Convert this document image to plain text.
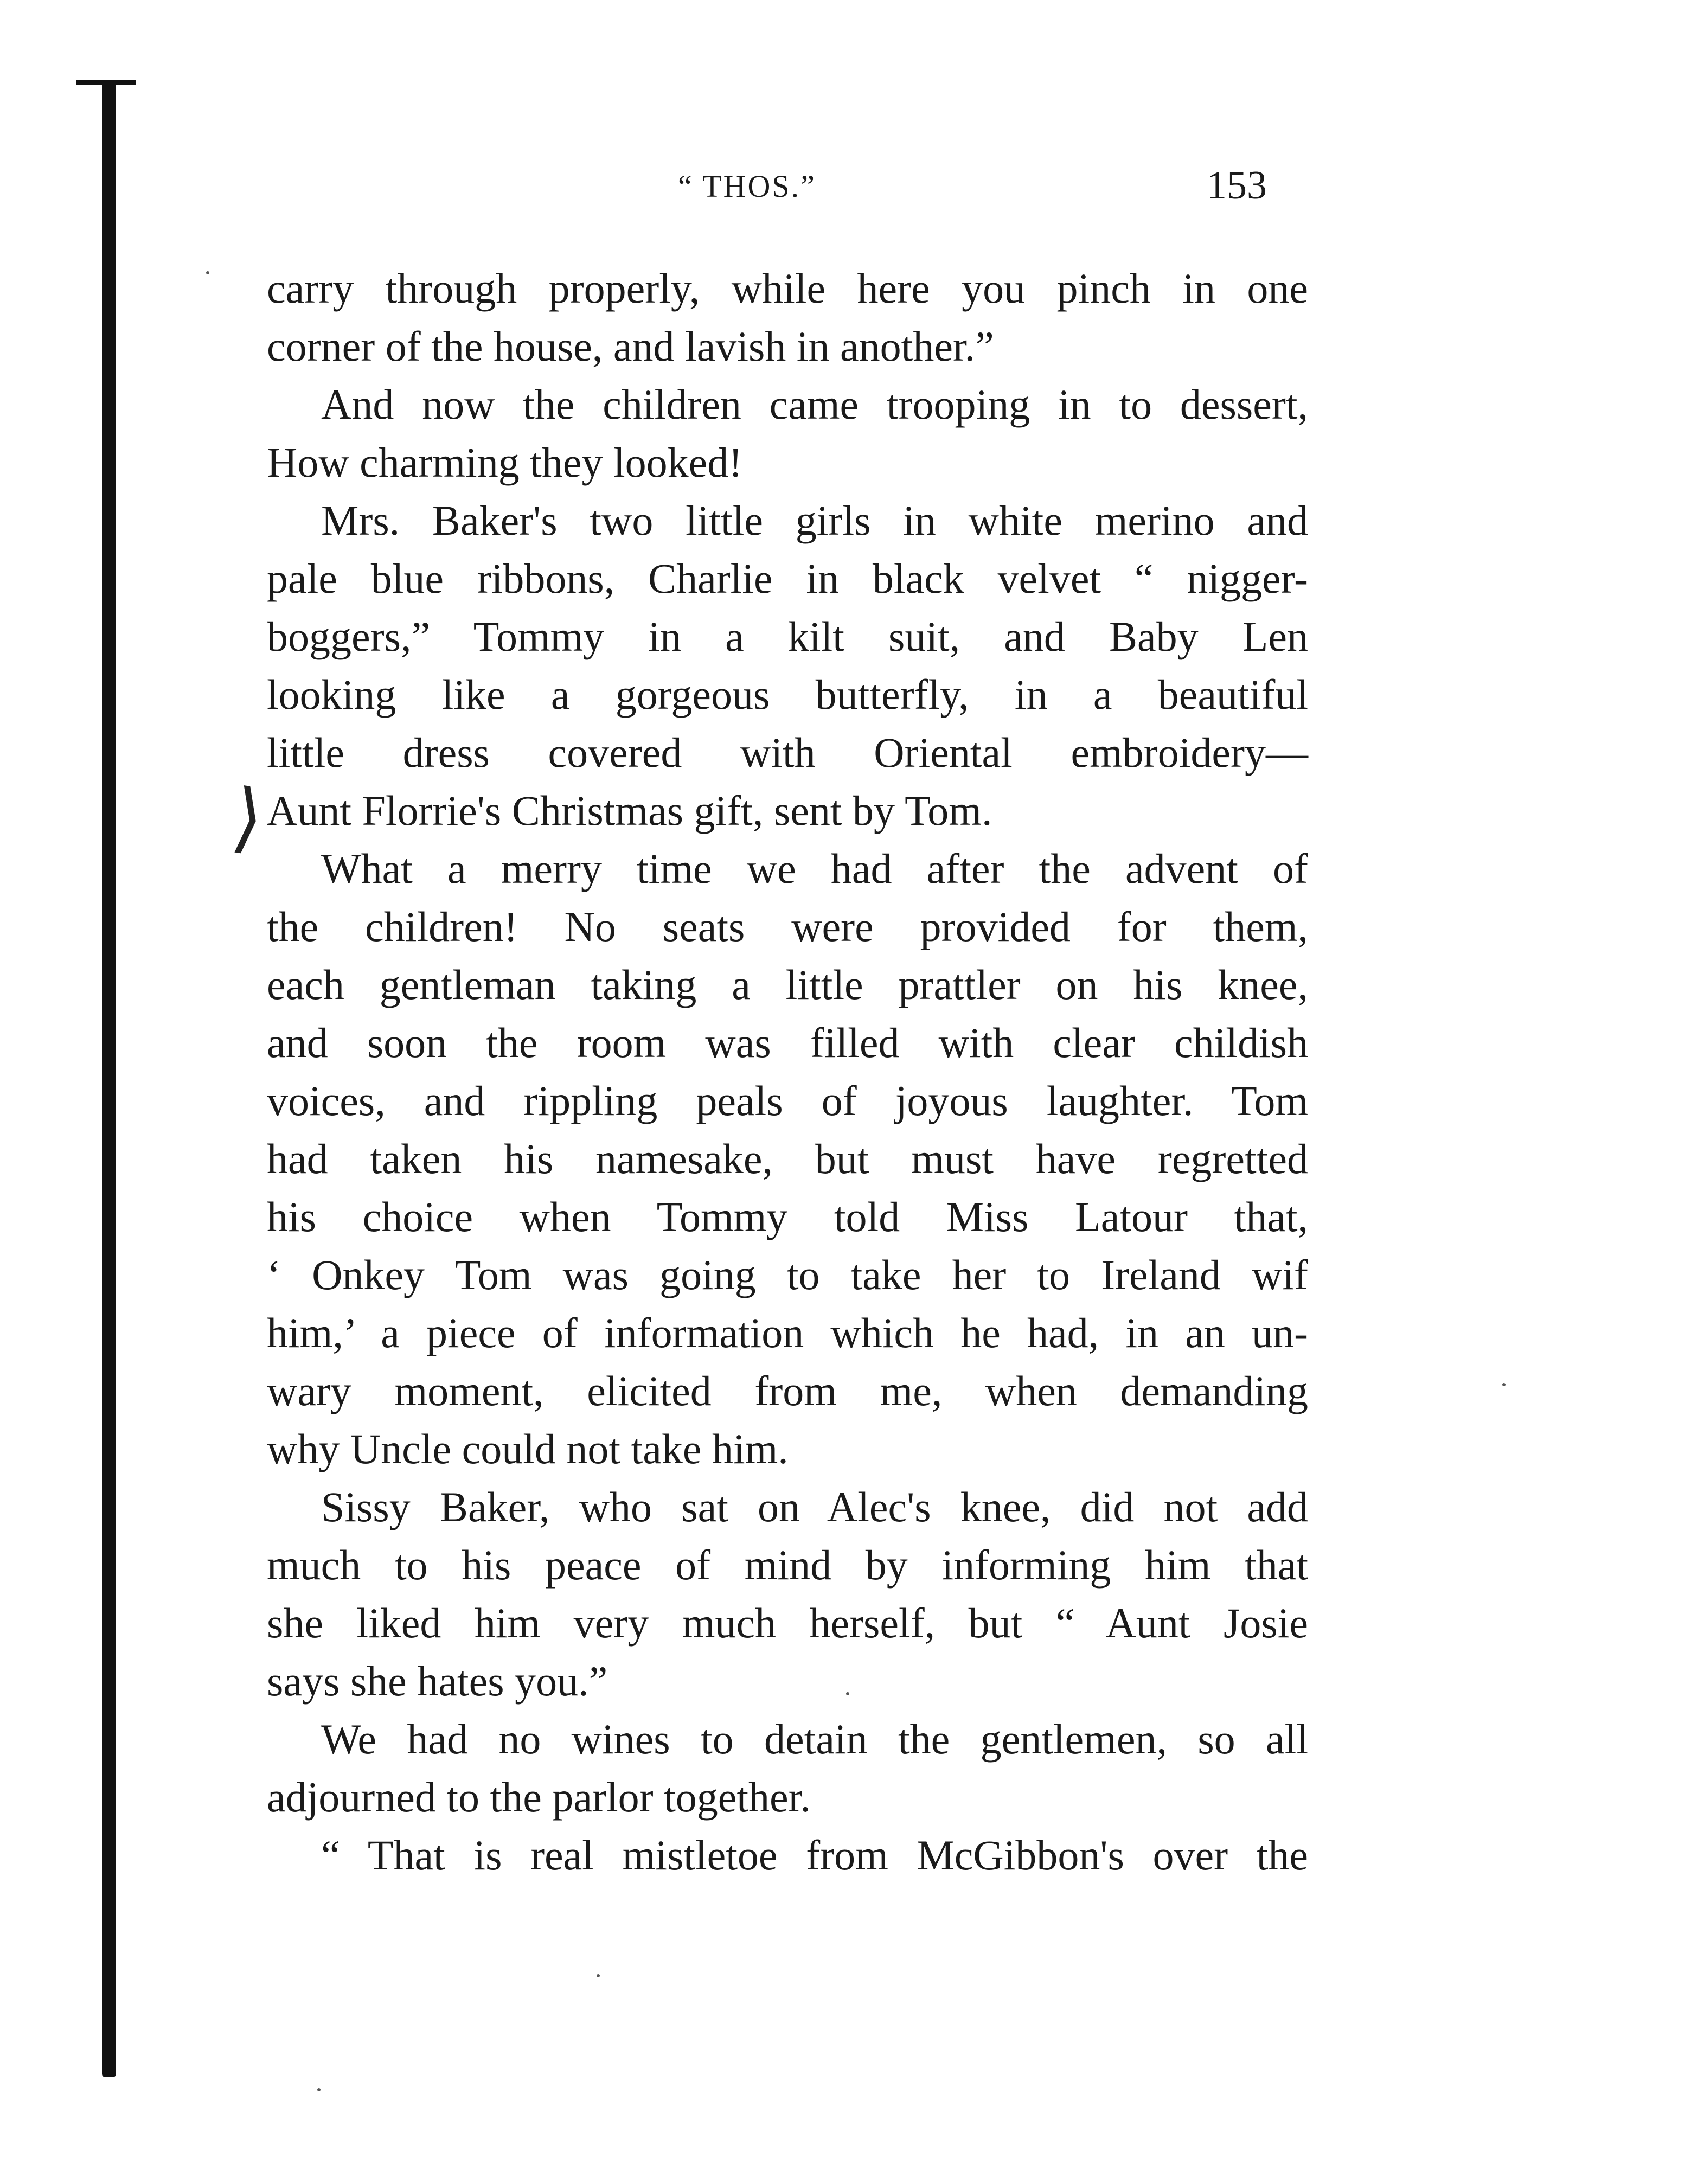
“ THOS.”	153
⟩
carry through properly, while here you pinch in one
corner of the house, and lavish in another.”
And now the children came trooping in to dessert,
How charming they looked!
Mrs. Baker's two little girls in white merino and
pale blue ribbons, Charlie in black velvet “ nigger-
boggers,” Tommy in a kilt suit, and Baby Len
looking like a gorgeous butterfly, in a beautiful
little dress covered with Oriental embroidery—
Aunt Florrie's Christmas gift, sent by Tom.
What a merry time we had after the advent of
the children! No seats were provided for them,
each gentleman taking a little prattler on his knee,
and soon the room was filled with clear childish
voices, and rippling peals of joyous laughter. Tom
had taken his namesake, but must have regretted
his choice when Tommy told Miss Latour that,
‘ Onkey Tom was going to take her to Ireland wif
him,’ a piece of information which he had, in an un-
wary moment, elicited from me, when demanding
why Uncle could not take him.
Sissy Baker, who sat on Alec's knee, did not add
much to his peace of mind by informing him that
she liked him very much herself, but “ Aunt Josie
says she hates you.”
We had no wines to detain the gentlemen, so all
adjourned to the parlor together.
“ That is real mistletoe from McGibbon's over the
